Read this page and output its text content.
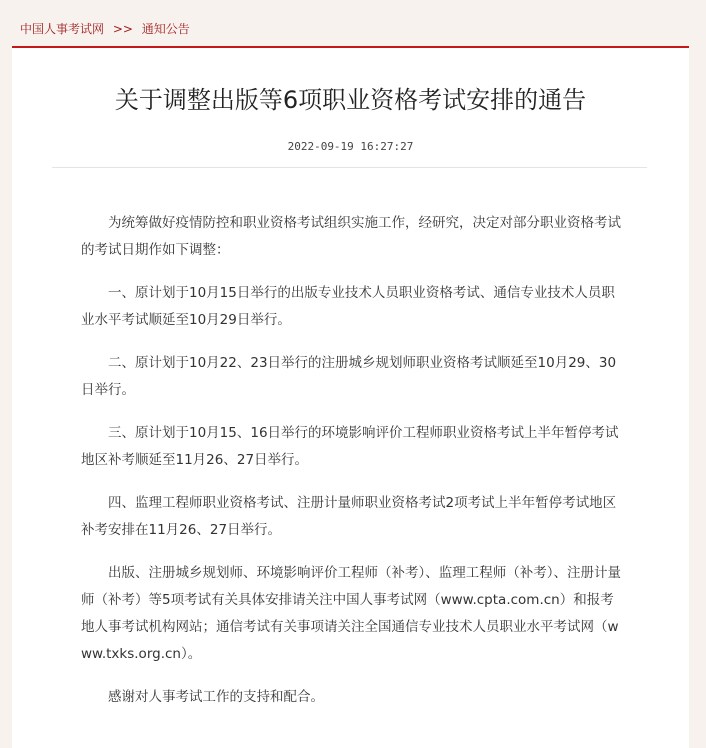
中国人事考试网 >> 通知公告
关于调整出版等6项职业资格考试安排的通告
2022-09-19 16:27:27

为统筹做好疫情防控和职业资格考试组织实施工作，经研究，决定对部分职业资格考试的考试日期作如下调整：

一、原计划于10月15日举行的出版专业技术人员职业资格考试、通信专业技术人员职业水平考试顺延至10月29日举行。

二、原计划于10月22、23日举行的注册城乡规划师职业资格考试顺延至10月29、30日举行。

三、原计划于10月15、16日举行的环境影响评价工程师职业资格考试上半年暂停考试地区补考顺延至11月26、27日举行。

四、监理工程师职业资格考试、注册计量师职业资格考试2项考试上半年暂停考试地区补考安排在11月26、27日举行。

出版、注册城乡规划师、环境影响评价工程师（补考）、监理工程师（补考）、注册计量师（补考）等5项考试有关具体安排请关注中国人事考试网（www.cpta.com.cn）和报考地人事考试机构网站；通信考试有关事项请关注全国通信专业技术人员职业水平考试网（www.txks.org.cn）。

感谢对人事考试工作的支持和配合。
